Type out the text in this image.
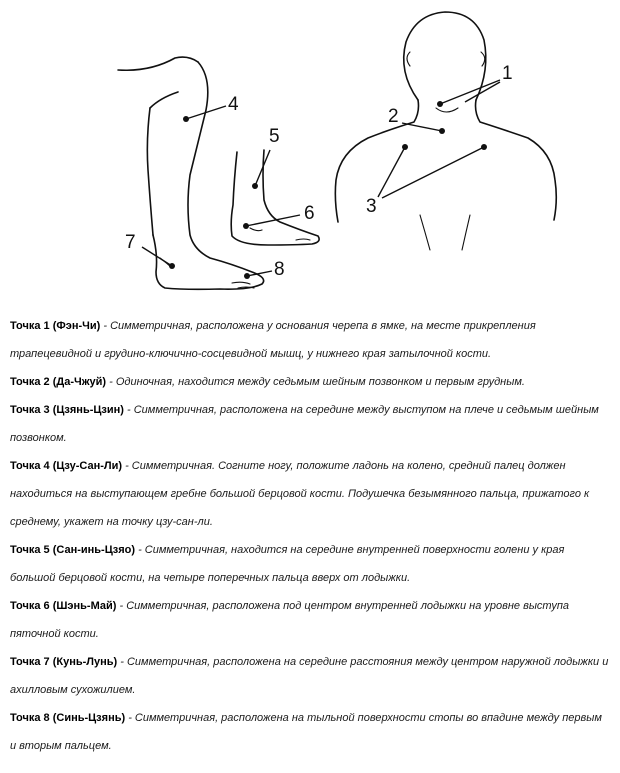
1
2
3
4
5
6
7
8
Точка 1 (Фэн-Чи) - Симметричная, расположена у основания черепа в ямке, на месте прикрепления трапецевидной и грудино-ключично-сосцевидной мышц, у нижнего края затылочной кости.
Точка 2 (Да-Чжуй) - Одиночная, находится между седьмым шейным позвонком и первым грудным.
Точка 3 (Цзянь-Цзин) - Симметричная, расположена на середине между выступом на плече и седьмым шейным позвонком.
Точка 4 (Цзу-Сан-Ли) - Симметричная. Согните ногу, положите ладонь на колено, средний палец должен находиться на выступающем гребне большой берцовой кости. Подушечка безымянного пальца, прижатого к среднему, укажет на точку цзу-сан-ли.
Точка 5 (Сан-инь-Цзяо) - Симметричная, находится на середине внутренней поверхности голени у края большой берцовой кости, на четыре поперечных пальца вверх от лодыжки.
Точка 6 (Шэнь-Май) - Симметричная, расположена под центром внутренней лодыжки на уровне выступа пяточной кости.
Точка 7 (Кунь-Лунь) - Симметричная, расположена на середине расстояния между центром наружной лодыжки и ахилловым сухожилием.
Точка 8 (Синь-Цзянь) - Симметричная, расположена на тыльной поверхности стопы во впадине между первым и вторым пальцем.
